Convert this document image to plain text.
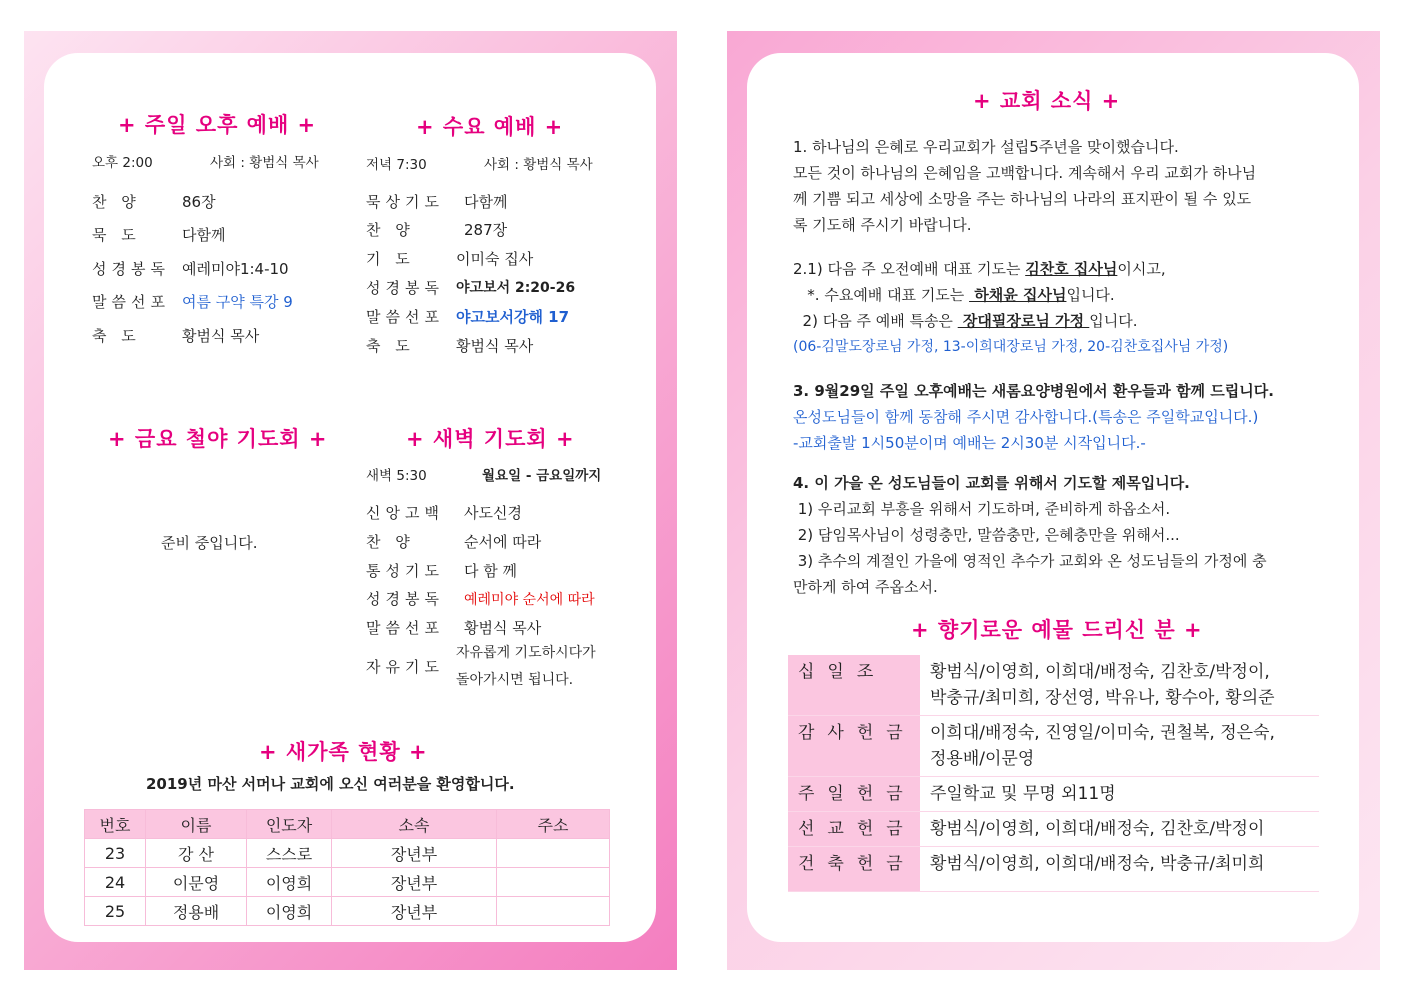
+ 주일 오후 예배 +
오후 2:00	사회 : 황범식 목사
찬 양	86장
묵 도	다함께
성경봉독 예레미야1:4-10
말씀선포 여름 구약 특강 9
축 도	황범식 목사
+ 수요 예배 +
저녁 7:30	사회 : 황범식 목사
묵상기도 다함께
찬 양	287장
기 도	이미숙 집사
성경봉독 야고보서 2:20-26
말씀선포 야고보서강해 17
축 도	황범식 목사
+ 금요 철야 기도회 +
준비 중입니다.
+ 새벽 기도회 +
새벽 5:30	월요일 - 금요일까지
신앙고백 사도신경
찬 양	순서에 따라
통성기도 다 함 께
성경봉독 예레미야 순서에 따라
말씀선포 황범식 목사
자유기도
자유롭게 기도하시다가
돌아가시면 됩니다.
+ 새가족 현황 +
2019년 마산 서머나 교회에 오신 여러분을 환영합니다.
번호	이름	인도자	소속	주소
23	강 산	스스로	장년부	
24	이문영	이영희	장년부	
25	정용배	이영희	장년부	
+ 교회 소식 +

1. 하나님의 은혜로 우리교회가 설립5주년을 맞이했습니다.

모든 것이 하나님의 은혜임을 고백합니다. 계속해서 우리 교회가 하나님

께 기쁨 되고 세상에 소망을 주는 하나님의 나라의 표지판이 될 수 있도

록 기도해 주시기 바랍니다.

2.1) 다음 주 오전예배 대표 기도는 김찬호 집사님이시고,

*. 수요예배 대표 기도는  하채윤 집사님입니다.

2) 다음 주 예배 특송은  장대필장로님 가정 입니다.

(06-김말도장로님 가정, 13-이희대장로님 가정, 20-김찬호집사님 가정)

3. 9월29일 주일 오후예배는 새롬요양병원에서 환우들과 함께 드립니다.

온성도님들이 함께 동참해 주시면 감사합니다.(특송은 주일학교입니다.)

-교회출발 1시50분이며 예배는 2시30분 시작입니다.-

4. 이 가을 온 성도님들이 교회를 위해서 기도할 제목입니다.

1) 우리교회 부흥을 위해서 기도하며, 준비하게 하옵소서.

2) 담임목사님이 성령충만, 말씀충만, 은혜충만을 위해서...

3) 추수의 계절인 가을에 영적인 추수가 교회와 온 성도님들의 가정에 충

만하게 하여 주옵소서.

+ 향기로운 예물 드리신 분 +
십일조	황범식/이영희, 이희대/배정숙, 김찬호/박정이,
박충규/최미희, 장선영, 박유나, 황수아, 황의준

감사헌금	이희대/배정숙, 진영일/이미숙, 권철복, 정은숙,
정용배/이문영

주일헌금	주일학교 및 무명 외11명

선교헌금	황범식/이영희, 이희대/배정숙, 김찬호/박정이

건축헌금	황범식/이영희, 이희대/배정숙, 박충규/최미희
